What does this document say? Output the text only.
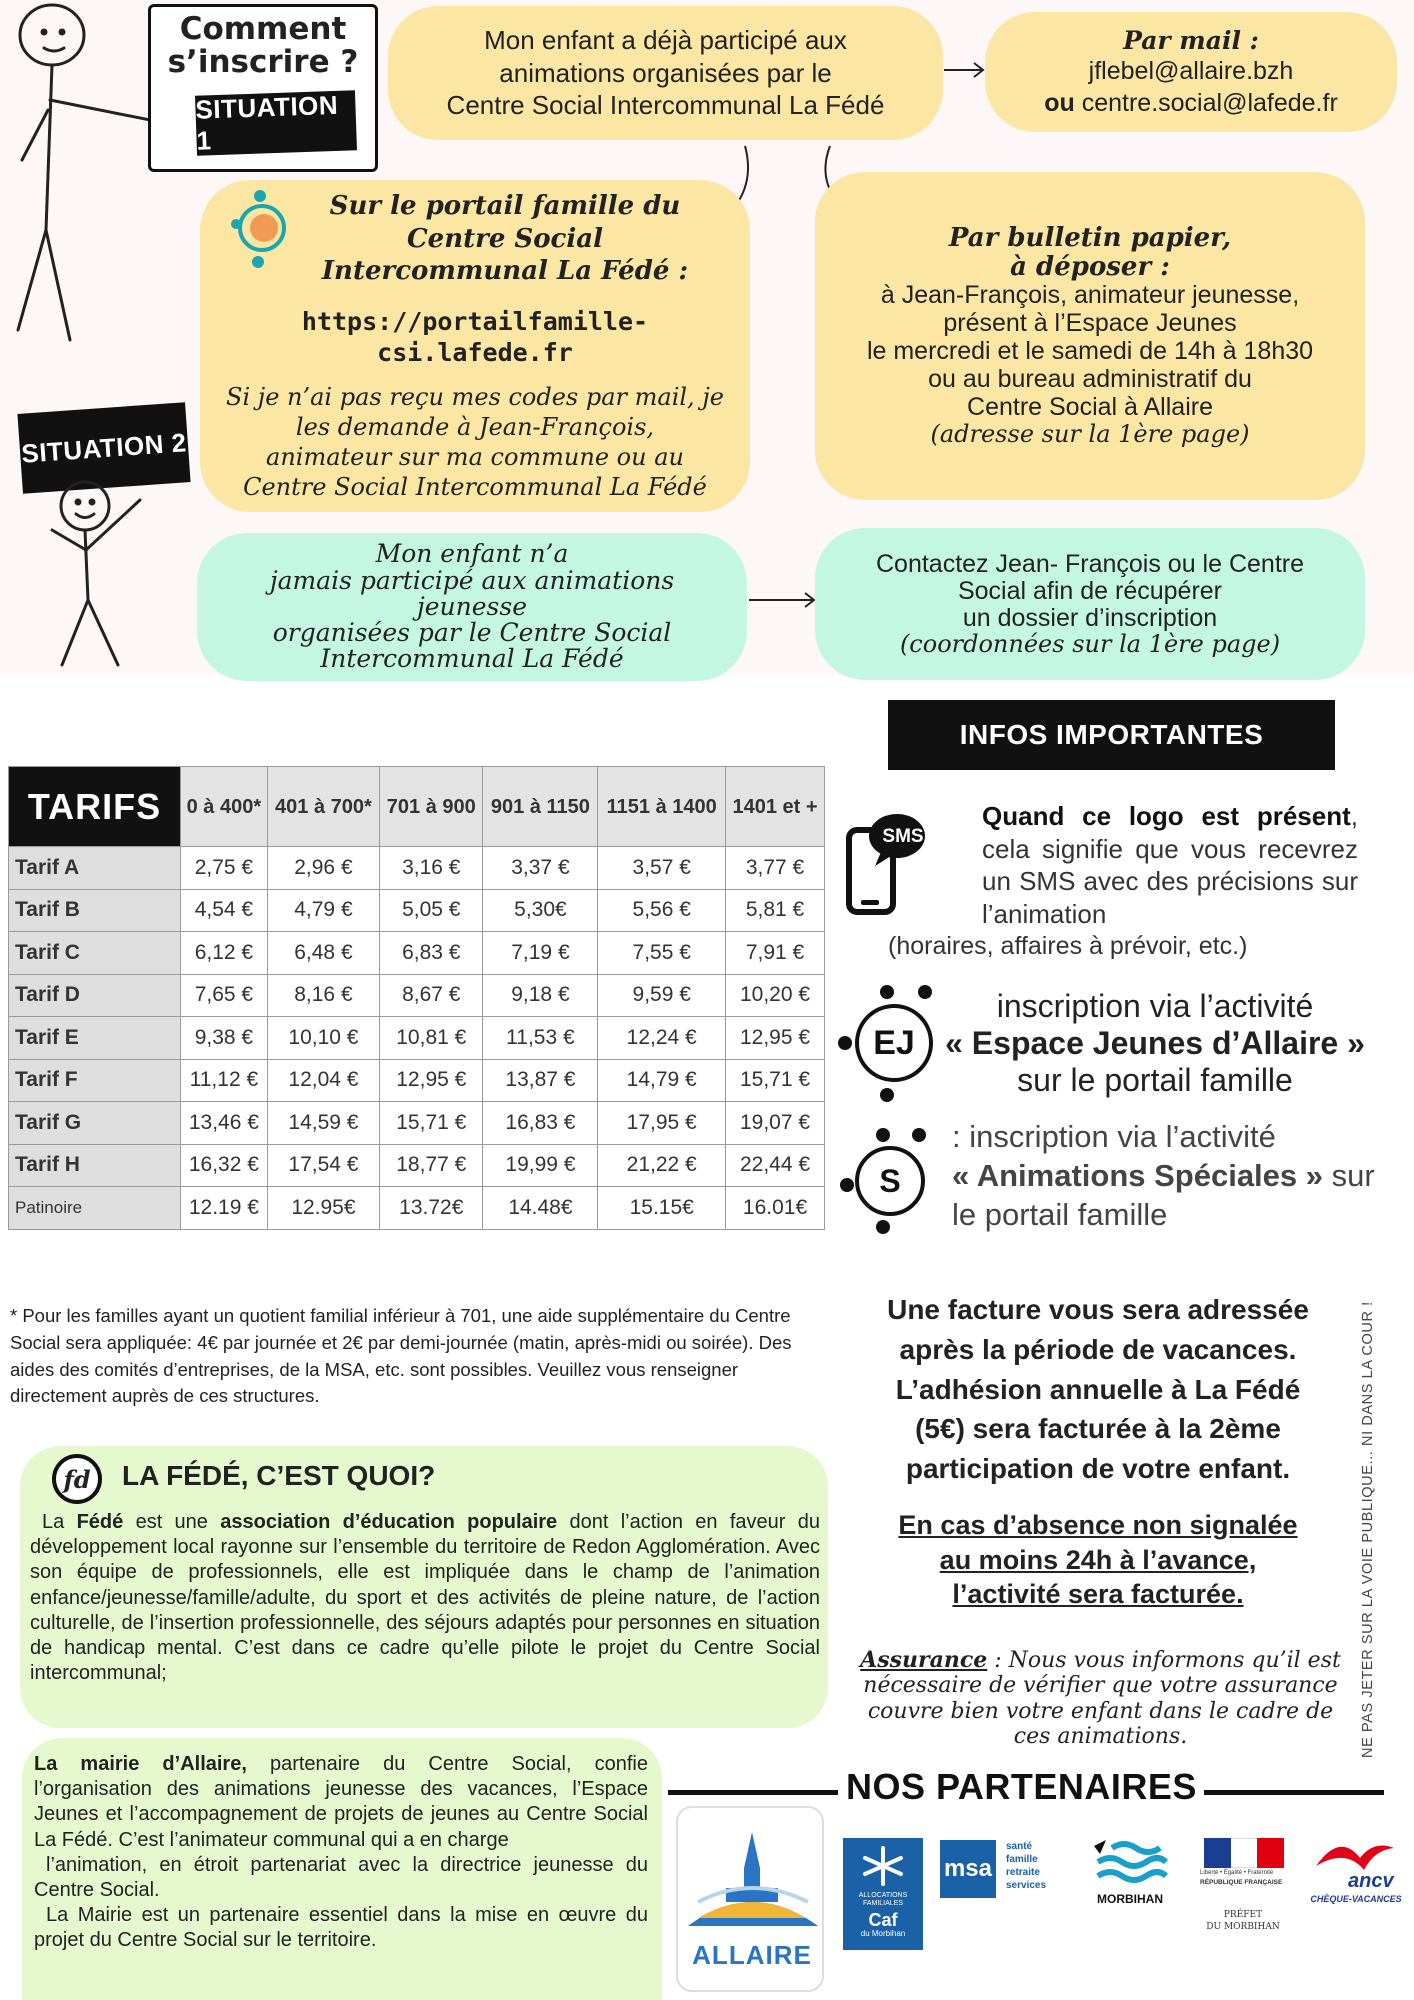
Comment
s’inscrire ?
SITUATION 1

Mon enfant a déjà participé aux

animations organisées par le

Centre Social Intercommunal La Fédé

Par mail :

jflebel@allaire.bzh

ou centre.social@lafede.fr

Sur le portail famille du

Centre Social

Intercommunal La Fédé :

https://portailfamille-csi.lafede.fr

Si je n’ai pas reçu mes codes par mail, je

les demande à Jean-François,

animateur sur ma commune ou au

Centre Social Intercommunal La Fédé

Par bulletin papier,

à déposer :

à Jean-François, animateur jeunesse,

présent à l’Espace Jeunes

le mercredi et le samedi de 14h à 18h30

ou au bureau administratif du

Centre Social à Allaire

(adresse sur la 1ère page)

SITUATION 2

Mon enfant n’a

jamais participé aux animations jeunesse

organisées par le Centre Social

Intercommunal La Fédé

Contactez Jean- François ou le Centre

Social afin de récupérer

un dossier d’inscription

(coordonnées sur la 1ère page)

TARIFS	0 à 400*	401 à 700*	701 à 900	901 à 1150	1151 à 1400	1401 et +
Tarif A	2,75 €	2,96 €	3,16 €	3,37 €	3,57 €	3,77 €
Tarif B	4,54 €	4,79 €	5,05 €	5,30€	5,56 €	5,81 €
Tarif C	6,12 €	6,48 €	6,83 €	7,19 €	7,55 €	7,91 €
Tarif D	7,65 €	8,16 €	8,67 €	9,18 €	9,59 €	10,20 €
Tarif E	9,38 €	10,10 €	10,81 €	11,53 €	12,24 €	12,95 €
Tarif F	11,12 €	12,04 €	12,95 €	13,87 €	14,79 €	15,71 €
Tarif G	13,46 €	14,59 €	15,71 €	16,83 €	17,95 €	19,07 €
Tarif H	16,32 €	17,54 €	18,77 €	19,99 €	21,22 €	22,44 €
Patinoire	12.19 €	12.95€	13.72€	14.48€	15.15€	16.01€
INFOS IMPORTANTES
SMS
Quand ce logo est présent, cela signifie que vous recevrez un SMS avec des précisions sur l’animation
(horaires, affaires à prévoir, etc.)
EJ

inscription via l’activité

« Espace Jeunes d’Allaire »

sur le portail famille

S

: inscription via l’activité

« Animations Spéciales » sur

le portail famille

* Pour les familles ayant un quotient familial inférieur à 701, une aide supplémentaire du Centre Social sera appliquée: 4€ par journée et 2€ par demi-journée (matin, après-midi ou soirée). Des aides des comités d’entreprises, de la MSA, etc. sont possibles. Veuillez vous renseigner directement auprès de ces structures.

Une facture vous sera adressée

après la période de vacances.

L’adhésion annuelle à La Fédé

(5€) sera facturée à la 2ème

participation de votre enfant.

En cas d’absence non signalée

au moins 24h à l’avance,

l’activité sera facturée.

Assurance : Nous vous informons qu’il est nécessaire de vérifier que votre assurance couvre bien votre enfant dans le cadre de ces animations.	NE PAS JETER SUR LA VOIE PUBLIQUE... NI DANS LA COUR !
fd	LA FÉDÉ, C’EST QUOI?
La Fédé est une association d’éducation populaire dont l’action en faveur du développement local rayonne sur l’ensemble du territoire de Redon Agglomération. Avec son équipe de professionnels, elle est impliquée dans le champ de l’animation enfance/jeunesse/famille/adulte, du sport et des activités de pleine nature, de l’action culturelle, de l’insertion professionnelle, des séjours adaptés pour personnes en situation de handicap mental. C’est dans ce cadre qu’elle pilote le projet du Centre Social intercommunal;

La mairie d’Allaire, partenaire du Centre Social, confie l’organisation des animations jeunesse des vacances, l’Espace Jeunes et l’accompagnement de projets de jeunes au Centre Social La Fédé. C’est l’animateur communal qui a en charge

l’animation, en étroit partenariat avec la directrice jeunesse du Centre Social.

La Mairie est un partenaire essentiel dans la mise en œuvre du projet du Centre Social sur le territoire.

NOS PARTENAIRES
ALLAIRE
ALLOCATIONS FAMILIALES
Caf
du Morbihan
msa

santé

famille

retraite

services

MORBIHAN
Liberté • Égalité • Fraternité
RÉPUBLIQUE FRANÇAISE
PRÉFET
DU MORBIHAN
ancv
CHÈQUE-VACANCES
